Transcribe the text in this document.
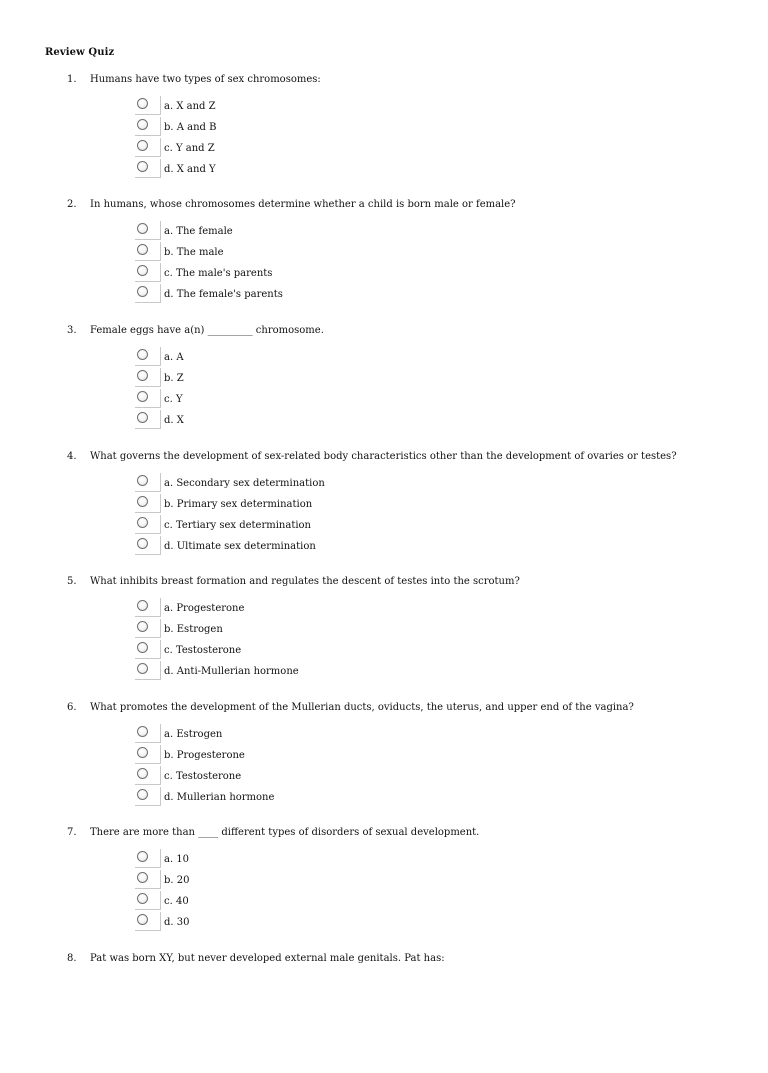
Review Quiz
1. Humans have two types of sex chromosomes:
a. X and Z
b. A and B
c. Y and Z
d. X and Y
2. In humans, whose chromosomes determine whether a child is born male or female?
a. The female
b. The male
c. The male's parents
d. The female's parents
3. Female eggs have a(n) _________ chromosome.
a. A
b. Z
c. Y
d. X
4. What governs the development of sex-related body characteristics other than the development of ovaries or testes?
a. Secondary sex determination
b. Primary sex determination
c. Tertiary sex determination
d. Ultimate sex determination
5. What inhibits breast formation and regulates the descent of testes into the scrotum?
a. Progesterone
b. Estrogen
c. Testosterone
d. Anti-Mullerian hormone
6. What promotes the development of the Mullerian ducts, oviducts, the uterus, and upper end of the vagina?
a. Estrogen
b. Progesterone
c. Testosterone
d. Mullerian hormone
7. There are more than ____ different types of disorders of sexual development.
a. 10
b. 20
c. 40
d. 30
8. Pat was born XY, but never developed external male genitals. Pat has:
